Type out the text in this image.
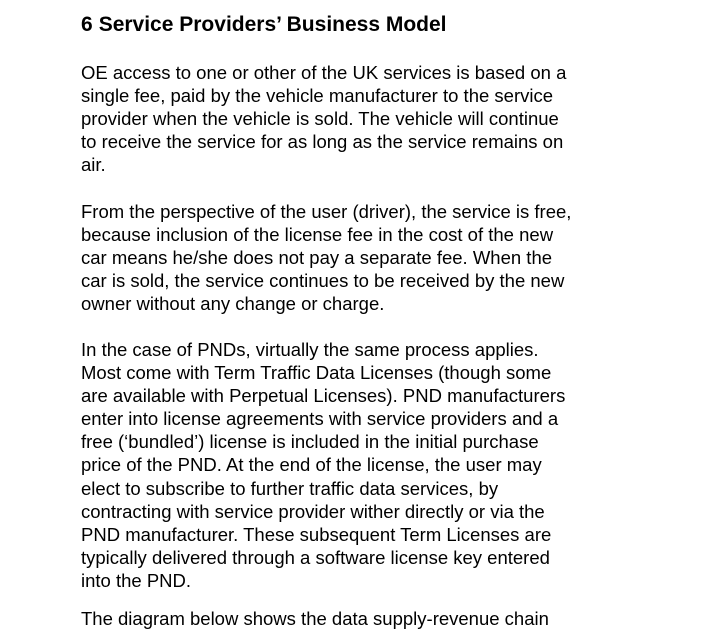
6 Service Providers’ Business Model

OE access to one or other of the UK services is based on a
single fee, paid by the vehicle manufacturer to the service
provider when the vehicle is sold. The vehicle will continue
to receive the service for as long as the service remains on
air.

From the perspective of the user (driver), the service is free,
because inclusion of the license fee in the cost of the new
car means he/she does not pay a separate fee. When the
car is sold, the service continues to be received by the new
owner without any change or charge.

In the case of PNDs, virtually the same process applies.
Most come with Term Traffic Data Licenses (though some
are available with Perpetual Licenses). PND manufacturers
enter into license agreements with service providers and a
free (‘bundled’) license is included in the initial purchase
price of the PND. At the end of the license, the user may
elect to subscribe to further traffic data services, by
contracting with service provider wither directly or via the
PND manufacturer. These subsequent Term Licenses are
typically delivered through a software license key entered
into the PND.

The diagram below shows the data supply-revenue chain
